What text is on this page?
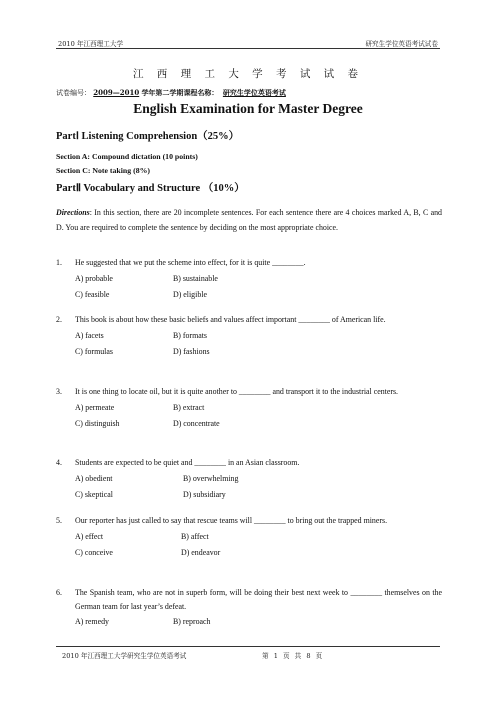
2010 年江西理工大学	研究生学位英语考试试卷
江 西 理 工 大 学 考 试 试 卷
试卷编号： 2009—2010 学年第二学期课程名称： 研究生学位英语考试
English Examination for Master Degree
PartⅠ Listening Comprehension（25%）
Section A: Compound dictation (10 points)
Section C: Note taking (8%)
PartⅡ Vocabulary and Structure （10%）
Directions: In this section, there are 20 incomplete sentences. For each sentence there are 4 choices marked A, B, C and D. You are required to complete the sentence by deciding on the most appropriate choice.
1. He suggested that we put the scheme into effect, for it is quite ________.
A) probable	B) sustainable
C) feasible	D) eligible
2. This book is about how these basic beliefs and values affect important ________ of American life.
A) facets	B) formats
C) formulas	D) fashions
3. It is one thing to locate oil, but it is quite another to ________ and transport it to the industrial centers.
A) permeate	B) extract
C) distinguish	D) concentrate
4. Students are expected to be quiet and ________ in an Asian classroom.
A) obedient	B) overwhelming
C) skeptical	D) subsidiary
5. Our reporter has just called to say that rescue teams will ________ to bring out the trapped miners.
A) effect	B) affect
C) conceive	D) endeavor
6. The Spanish team, who are not in superb form, will be doing their best next week to ________ themselves on the German team for last year’s defeat.
A) remedy	B) reproach
2010 年江西理工大学研究生学位英语考试	第 1 页 共 8 页
